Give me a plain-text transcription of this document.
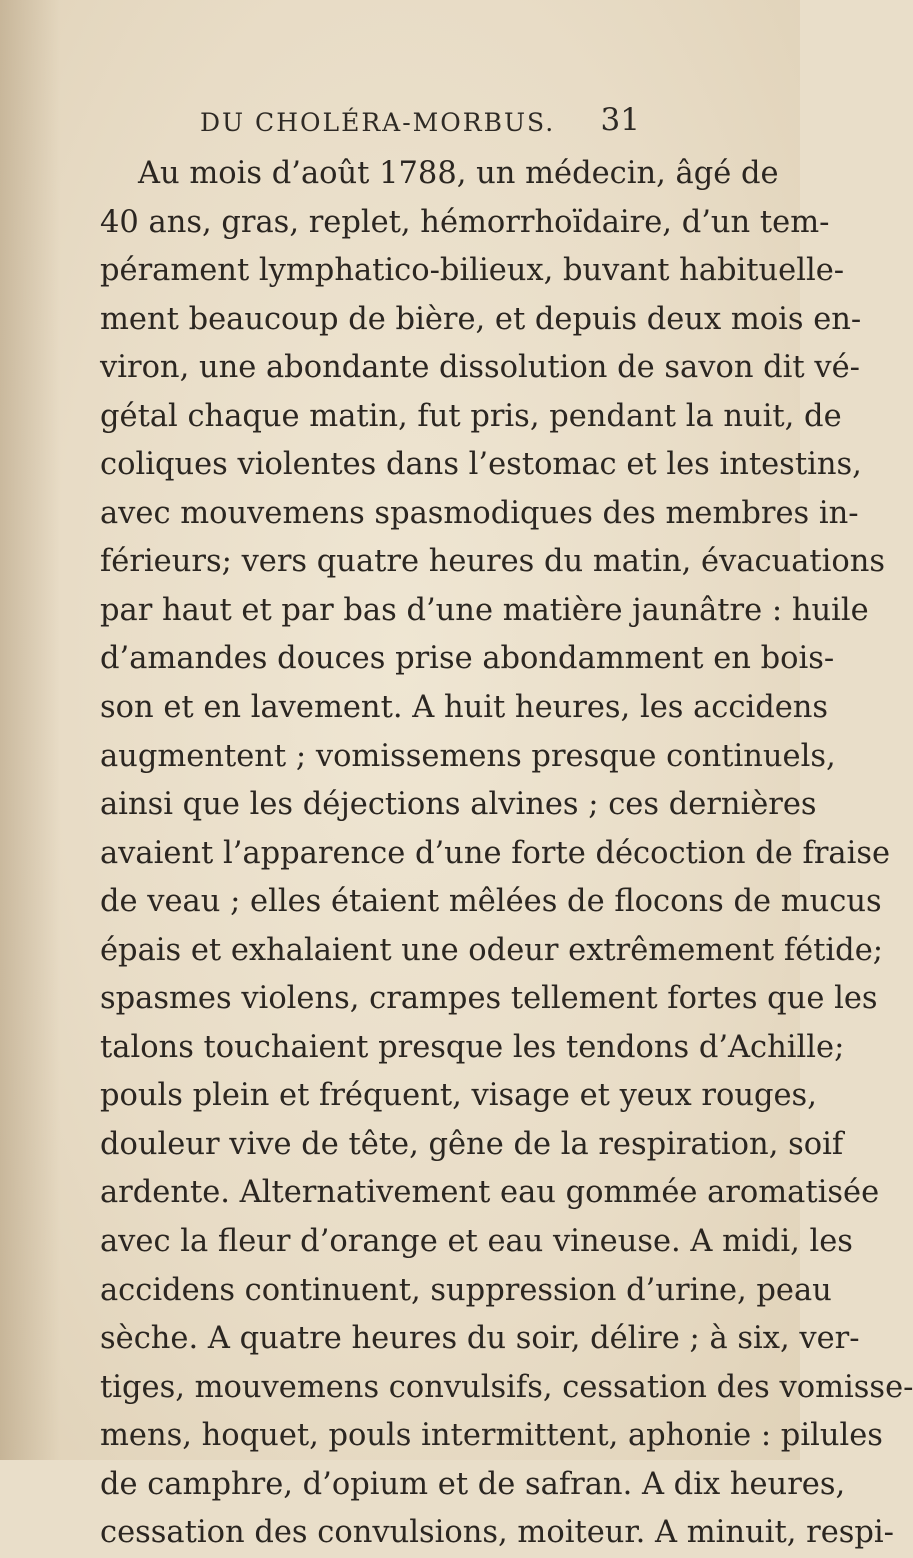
DU CHOLÉRA-MORBUS. 31
Au mois d’août 1788, un médecin, âgé de
40 ans, gras, replet, hémorrhoïdaire, d’un tem-
pérament lymphatico-bilieux, buvant habituelle-
ment beaucoup de bière, et depuis deux mois en-
viron, une abondante dissolution de savon dit vé-
gétal chaque matin, fut pris, pendant la nuit, de
coliques violentes dans l’estomac et les intestins,
avec mouvemens spasmodiques des membres in-
férieurs; vers quatre heures du matin, évacuations
par haut et par bas d’une matière jaunâtre : huile
d’amandes douces prise abondamment en bois-
son et en lavement. A huit heures, les accidens
augmentent ; vomissemens presque continuels,
ainsi que les déjections alvines ; ces dernières
avaient l’apparence d’une forte décoction de fraise
de veau ; elles étaient mêlées de flocons de mucus
épais et exhalaient une odeur extrêmement fétide;
spasmes violens, crampes tellement fortes que les
talons touchaient presque les tendons d’Achille;
pouls plein et fréquent, visage et yeux rouges,
douleur vive de tête, gêne de la respiration, soif
ardente. Alternativement eau gommée aromatisée
avec la fleur d’orange et eau vineuse. A midi, les
accidens continuent, suppression d’urine, peau
sèche. A quatre heures du soir, délire ; à six, ver-
tiges, mouvemens convulsifs, cessation des vomisse-
mens, hoquet, pouls intermittent, aphonie : pilules
de camphre, d’opium et de safran. A dix heures,
cessation des convulsions, moiteur. A minuit, respi-
